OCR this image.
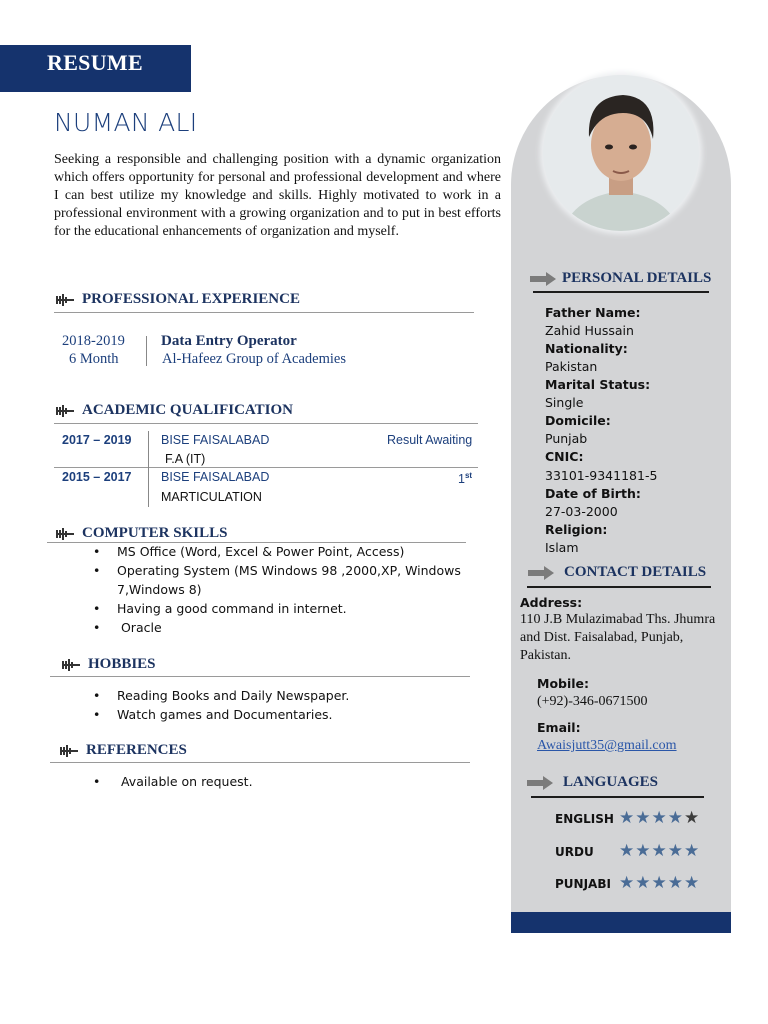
RESUME
NUMAN ALI
Seeking a responsible and challenging position with a dynamic organization which offers opportunity for personal and professional development and where I can best utilize my knowledge and skills. Highly motivated to work in a professional environment with a growing organization and to put in best efforts for the educational enhancements of organization and myself.
PROFESSIONAL EXPERIENCE
2018-2019
6 Month
Data Entry Operator
Al-Hafeez Group of Academies
ACADEMIC QUALIFICATION
2017 – 2019 BISE FAISALABAD	Result Awaiting
F.A (IT)
2015 – 2017 BISE FAISALABAD	1st
MARTICULATION
COMPUTER SKILLS
• MS Office (Word, Excel & Power Point, Access)
• Operating System (MS Windows 98 ,2000,XP, Windows 7,Windows 8)
• Having a good command in internet.
•  Oracle
HOBBIES
• Reading Books and Daily Newspaper.
• Watch games and Documentaries.
REFERENCES
•  Available on request.
PERSONAL DETAILS
Father Name:
Zahid Hussain
Nationality:
Pakistan
Marital Status:
Single
Domicile:
Punjab
CNIC:
33101-9341181-5
Date of Birth:
27-03-2000
Religion:
Islam
CONTACT DETAILS
Address:
110 J.B Mulazimabad Ths. Jhumra and Dist. Faisalabad, Punjab, Pakistan.
Mobile:
(+92)-346-0671500
Email:
Awaisjutt35@gmail.com
LANGUAGES
ENGLISH ★★★★★
URDU ★★★★★
PUNJABI ★★★★★
